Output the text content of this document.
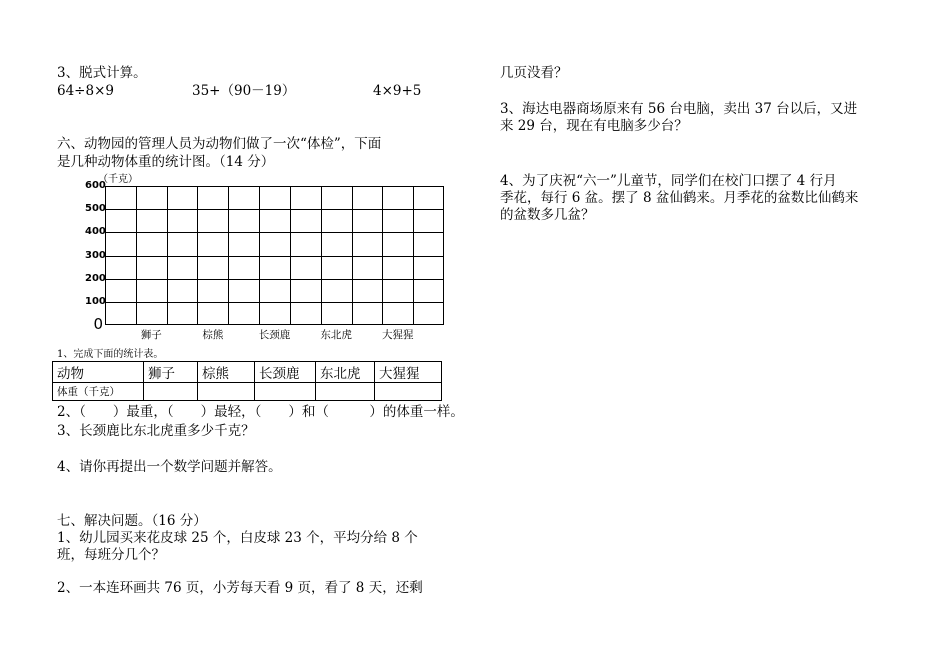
3、脱式计算。
64÷8×9	35+（90－19）	4×9+5
六、动物园的管理人员为动物们做了一次“体检”，下面
是几种动物体重的统计图。（14 分）
（千克）
0
100
200
300
400
500
600
狮子	棕熊	长颈鹿	东北虎	大猩猩
1、完成下面的统计表。
动物	狮子	棕熊	长颈鹿	东北虎	大猩猩
体重（千克）					
2、（　　）最重，（　　）最轻，（　　）和（　　　）的体重一样。
3、长颈鹿比东北虎重多少千克？
4、请你再提出一个数学问题并解答。
七、解决问题。（16 分）
1、幼儿园买来花皮球 25 个，白皮球 23 个，平均分给 8 个
班，每班分几个？
2、一本连环画共 76 页，小芳每天看 9 页，看了 8 天，还剩
几页没看？
3、海达电器商场原来有 56 台电脑，卖出 37 台以后，又进
来 29 台，现在有电脑多少台？
4、为了庆祝“六一”儿童节，同学们在校门口摆了 4 行月
季花，每行 6 盆。摆了 8 盆仙鹤来。月季花的盆数比仙鹤来
的盆数多几盆？
